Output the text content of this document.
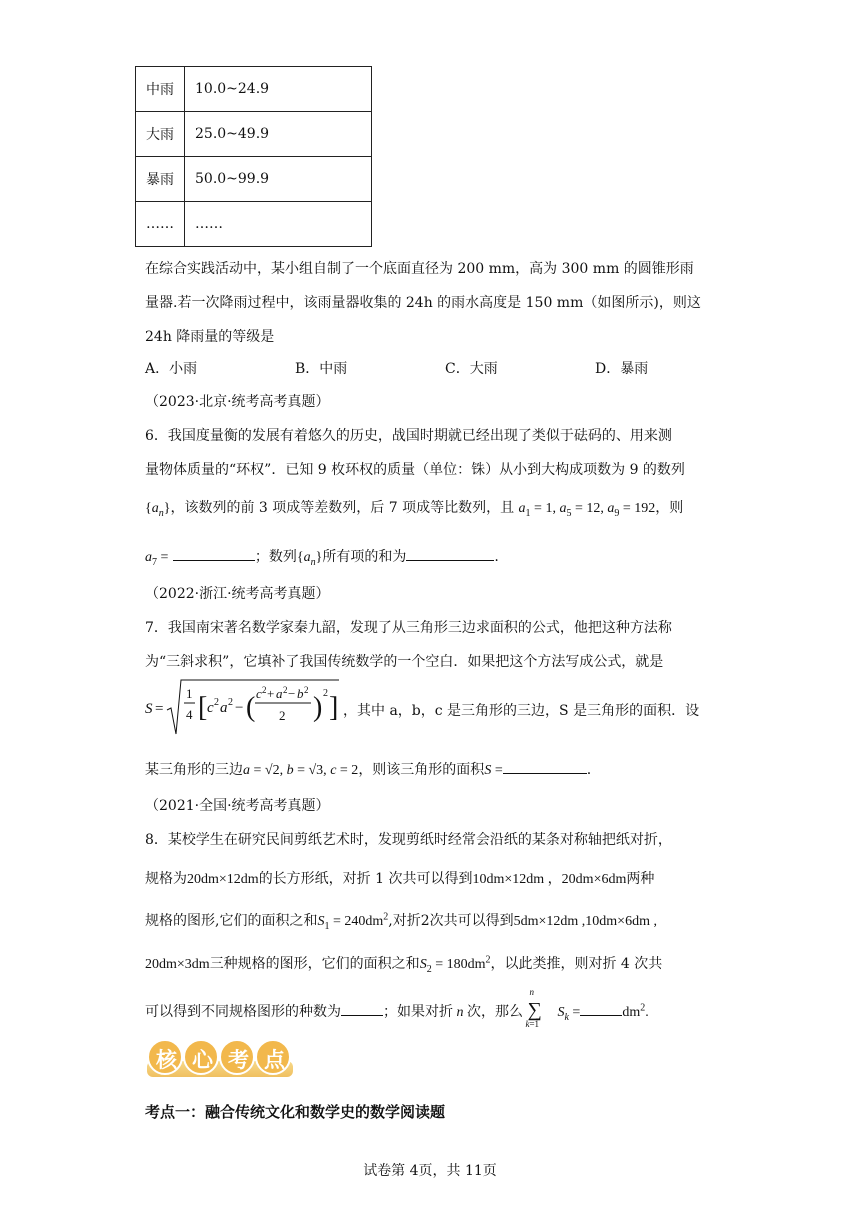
中雨	10.0~24.9
大雨	25.0~49.9
暴雨	50.0~99.9
……	……
在综合实践活动中，某小组自制了一个底面直径为 200 mm，高为 300 mm 的圆锥形雨
量器.若一次降雨过程中，该雨量器收集的 24h 的雨水高度是 150 mm（如图所示)，则这
24h 降雨量的等级是
A．小雨	B．中雨	C．大雨	D．暴雨
（2023·北京·统考高考真题）
6．我国度量衡的发展有着悠久的历史，战国时期就已经出现了类似于砝码的、用来测
量物体质量的“环权”．已知 9 枚环权的质量（单位：铢）从小到大构成项数为 9 的数列
$\{a_n\}$，该数列的前 3 项成等差数列，后 7 项成等比数列，且 $a_1 = 1$, $a_5 = 12$, $a_9 = 192$，则
$a_7$ =	；数列$\{a_n\}$所有项的和为	.
（2022·浙江·统考高考真题）
7．我国南宋著名数学家秦九韶，发现了从三角形三边求面积的公式，他把这种方法称
为“三斜求积”，它填补了我国传统数学的一个空白．如果把这个方法写成公式，就是
S =
1
4 [ c 2 a 2 − ( c 2 + a 2 − b 2
2 ) 2 ] ，其中 a，b，c 是三角形的三边，S 是三角形的面积．设
某三角形的三边a = √2, b = √3, c = 2，则该三角形的面积S =	.
（2021·全国·统考高考真题）
8．某校学生在研究民间剪纸艺术时，发现剪纸时经常会沿纸的某条对称轴把纸对折，
规格为20dm×12dm的长方形纸，对折 1 次共可以得到10dm×12dm ，20dm×6dm两种
规格的图形,它们的面积之和$S_1 = 240dm^2$,对折2次共可以得到5dm×12dm ,10dm×6dm ,
20dm×3dm三种规格的图形，它们的面积之和$S_2 = 180dm^2$，以此类推，则对折 4 次共
可以得到不同规格图形的种数为	；如果对折 n 次，那么
n
∑
k=1
$S_k$ =	$dm^2$.
核心考点
考点一：融合传统文化和数学史的数学阅读题
试卷第 4页，共 11页
